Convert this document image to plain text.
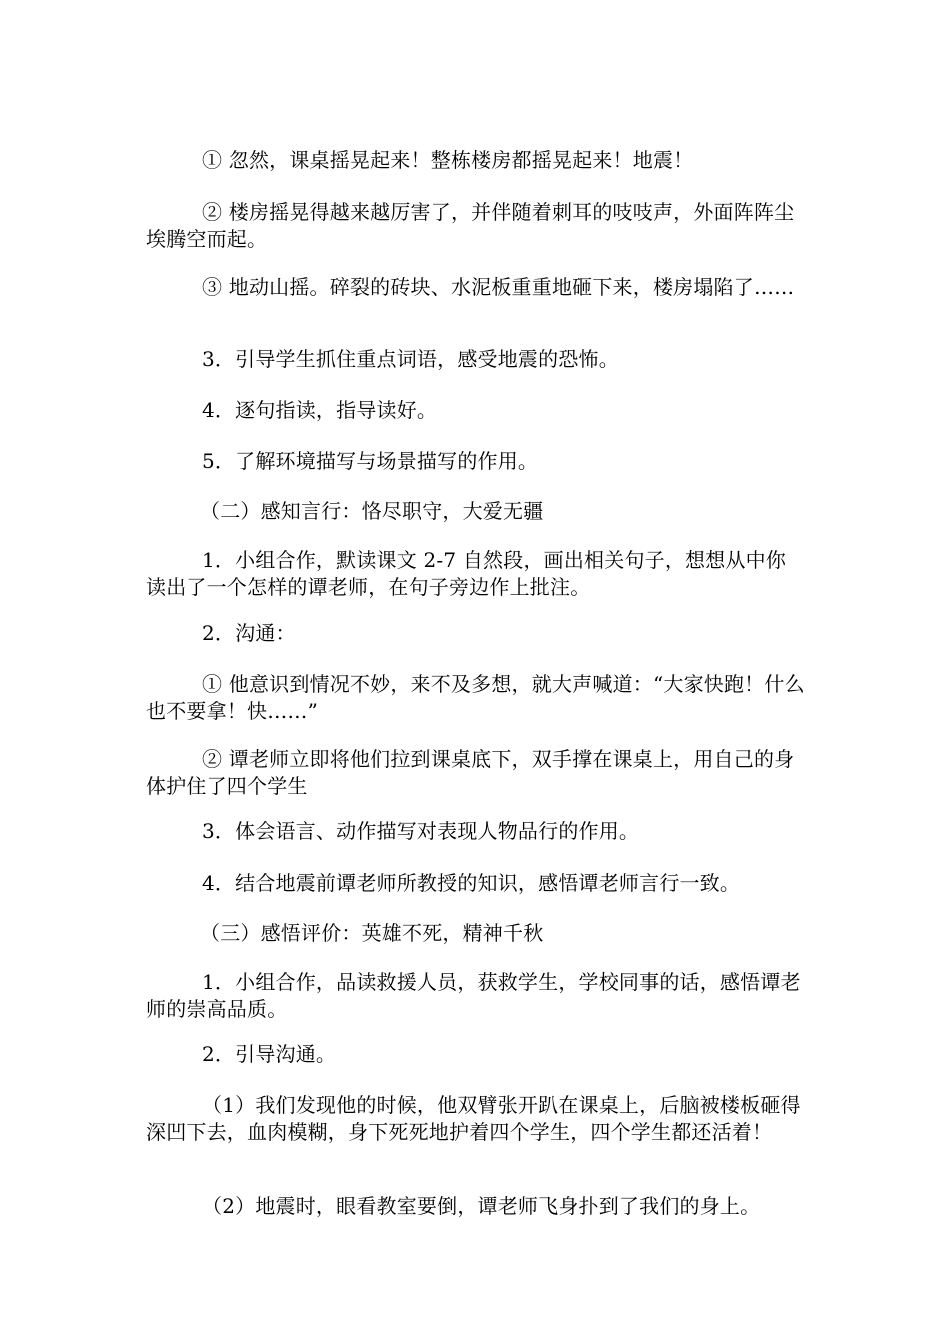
① 忽然，课桌摇晃起来！整栋楼房都摇晃起来！地震！

② 楼房摇晃得越来越厉害了，并伴随着刺耳的吱吱声，外面阵阵尘埃腾空而起。

③ 地动山摇。碎裂的砖块、水泥板重重地砸下来，楼房塌陷了……

3．引导学生抓住重点词语，感受地震的恐怖。

4．逐句指读，指导读好。

5．了解环境描写与场景描写的作用。

（二）感知言行：恪尽职守，大爱无疆

1．小组合作，默读课文 2-7 自然段，画出相关句子，想想从中你读出了一个怎样的谭老师，在句子旁边作上批注。

2．沟通：

① 他意识到情况不妙，来不及多想，就大声喊道：“大家快跑！什么也不要拿！快……”

② 谭老师立即将他们拉到课桌底下，双手撑在课桌上，用自己的身体护住了四个学生

3．体会语言、动作描写对表现人物品行的作用。

4．结合地震前谭老师所教授的知识，感悟谭老师言行一致。

（三）感悟评价：英雄不死，精神千秋

1．小组合作，品读救援人员，获救学生，学校同事的话，感悟谭老师的崇高品质。

2．引导沟通。

（1）我们发现他的时候，他双臂张开趴在课桌上，后脑被楼板砸得深凹下去，血肉模糊，身下死死地护着四个学生，四个学生都还活着！

（2）地震时，眼看教室要倒，谭老师飞身扑到了我们的身上。
